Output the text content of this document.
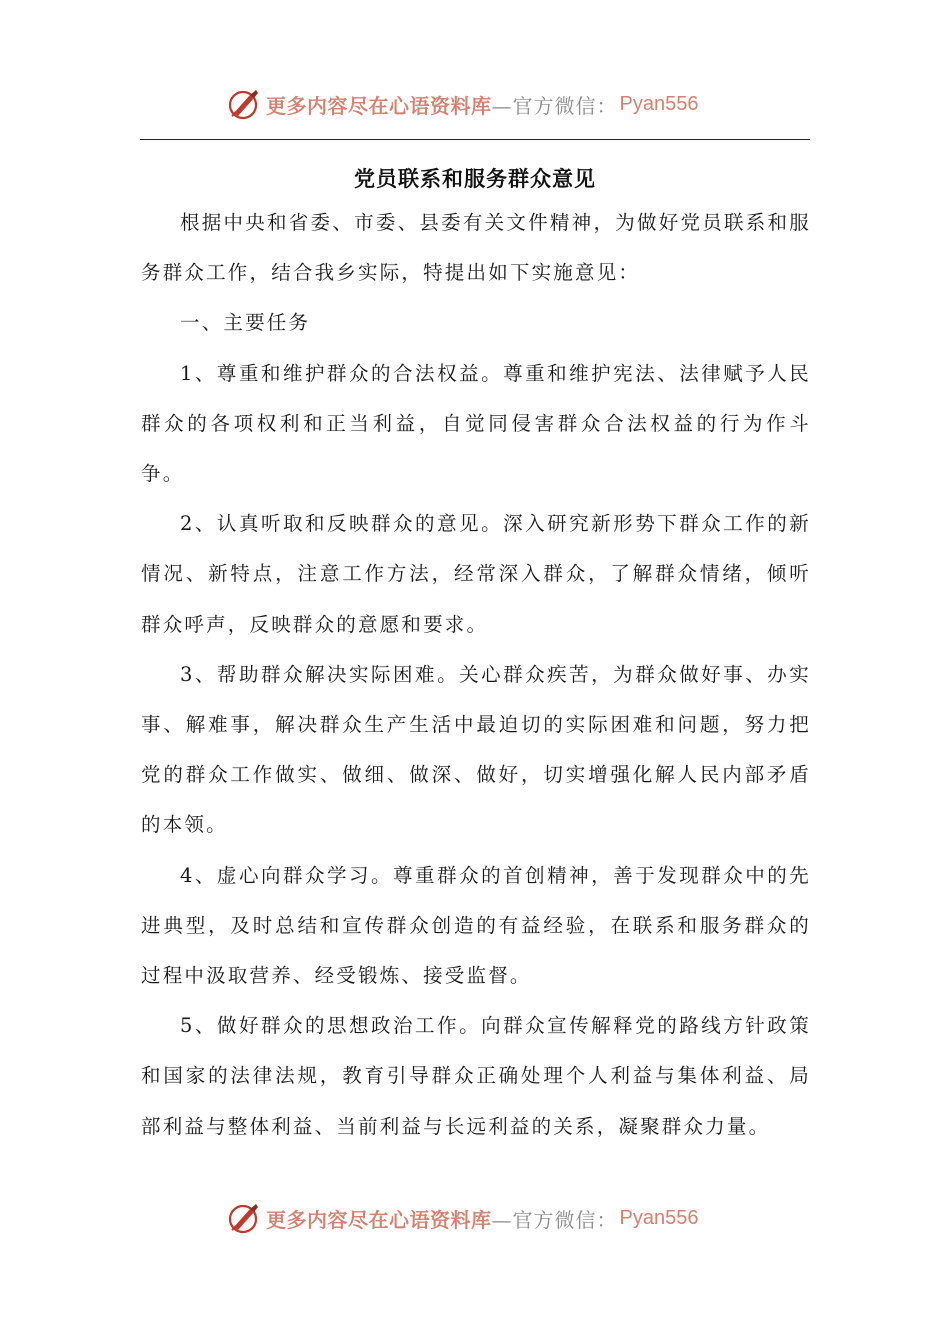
更多内容尽在心语资料库 —官方微信： Pyan556
党员联系和服务群众意见

根据中央和省委、市委、县委有关文件精神，为做好党员联系和服务群众工作，结合我乡实际，特提出如下实施意见：

一、主要任务

1、尊重和维护群众的合法权益。尊重和维护宪法、法律赋予人民群众的各项权利和正当利益，自觉同侵害群众合法权益的行为作斗争。

2、认真听取和反映群众的意见。深入研究新形势下群众工作的新情况、新特点，注意工作方法，经常深入群众，了解群众情绪，倾听群众呼声，反映群众的意愿和要求。

3、帮助群众解决实际困难。关心群众疾苦，为群众做好事、办实事、解难事，解决群众生产生活中最迫切的实际困难和问题，努力把党的群众工作做实、做细、做深、做好，切实增强化解人民内部矛盾的本领。

4、虚心向群众学习。尊重群众的首创精神，善于发现群众中的先进典型，及时总结和宣传群众创造的有益经验，在联系和服务群众的过程中汲取营养、经受锻炼、接受监督。

5、做好群众的思想政治工作。向群众宣传解释党的路线方针政策和国家的法律法规，教育引导群众正确处理个人利益与集体利益、局部利益与整体利益、当前利益与长远利益的关系，凝聚群众力量。

更多内容尽在心语资料库 —官方微信： Pyan556
